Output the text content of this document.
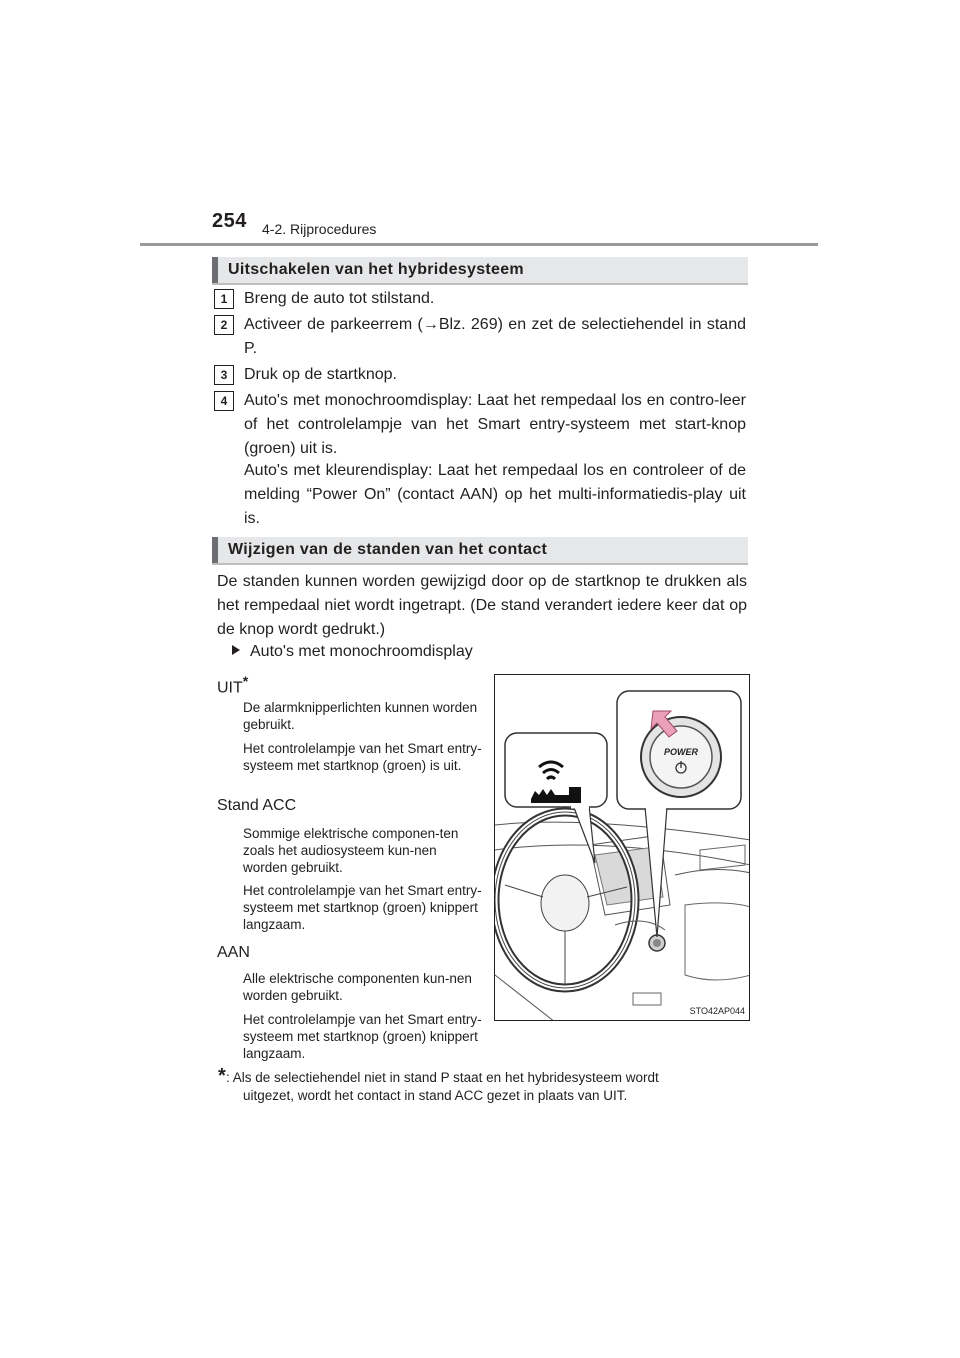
254 4-2. Rijprocedures
Uitschakelen van het hybridesysteem
1	Breng de auto tot stilstand.
2	Activeer de parkeerrem (→Blz. 269) en zet de selectiehendel in stand P.
3	Druk op de startknop.
4	Auto's met monochroomdisplay: Laat het rempedaal los en contro-leer of het controlelampje van het Smart entry-systeem met start-knop (groen) uit is.
Auto's met kleurendisplay: Laat het rempedaal los en controleer of de melding “Power On” (contact AAN) op het multi-informatiedis-play uit is.
Wijzigen van de standen van het contact
De standen kunnen worden gewijzigd door op de startknop te drukken als het rempedaal niet wordt ingetrapt. (De stand verandert iedere keer dat op de knop wordt gedrukt.)
Auto's met monochroomdisplay
UIT*
De alarmknipperlichten kunnen worden gebruikt.
Het controlelampje van het Smart entry-systeem met startknop (groen) is uit.
Stand ACC
Sommige elektrische componen-ten zoals het audiosysteem kun-nen worden gebruikt.
Het controlelampje van het Smart entry-systeem met startknop (groen) knippert langzaam.
AAN
Alle elektrische componenten kun-nen worden gebruikt.
Het controlelampje van het Smart entry-systeem met startknop (groen) knippert langzaam.
POWER
STO42AP044
* : Als de selectiehendel niet in stand P staat en het hybridesysteem wordt
uitgezet, wordt het contact in stand ACC gezet in plaats van UIT.
